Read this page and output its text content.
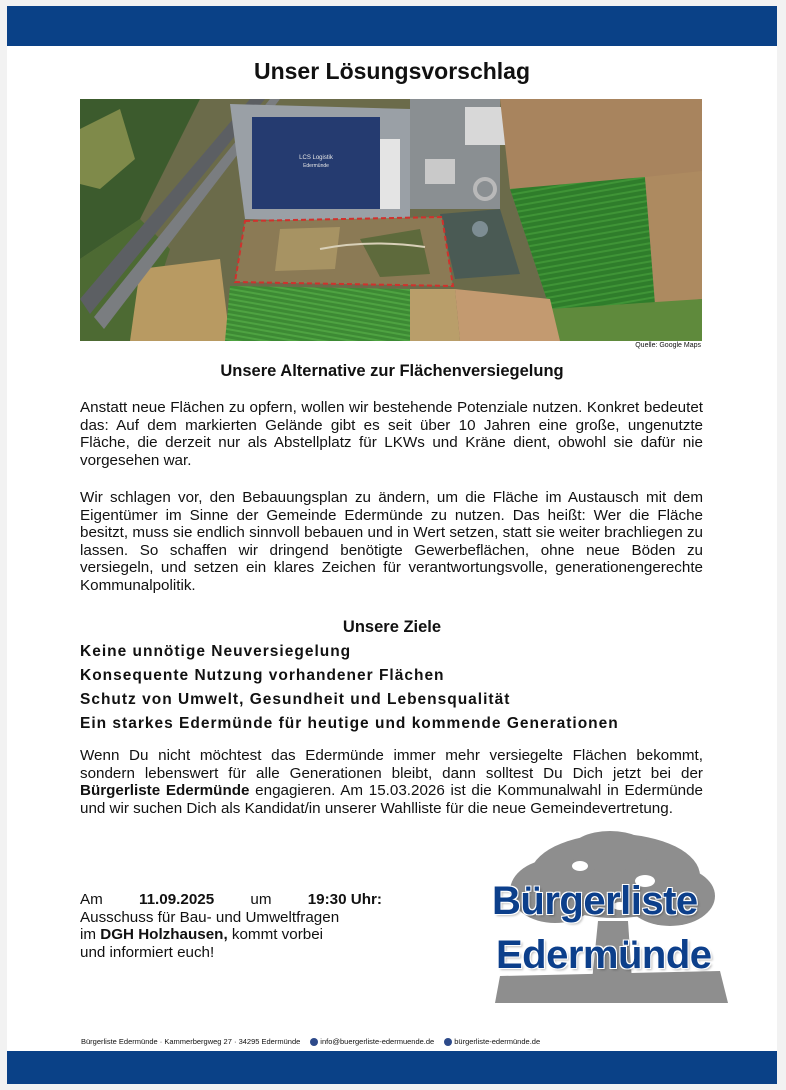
Unser Lösungsvorschlag
LCS Logistik
Edermünde
Quelle: Google Maps
Unsere Alternative zur Flächenversiegelung

Anstatt neue Flächen zu opfern, wollen wir bestehende Potenziale nutzen. Konkret bedeutet das: Auf dem markierten Gelände gibt es seit über 10 Jahren eine große, ungenutzte Fläche, die derzeit nur als Abstellplatz für LKWs und Kräne dient, obwohl sie dafür nie vorgesehen war.

Wir schlagen vor, den Bebauungsplan zu ändern, um die Fläche im Austausch mit dem Eigentümer im Sinne der Gemeinde Edermünde zu nutzen. Das heißt: Wer die Fläche besitzt, muss sie endlich sinnvoll bebauen und in Wert setzen, statt sie weiter brachliegen zu lassen. So schaffen wir dringend benötigte Gewerbeflächen, ohne neue Böden zu versiegeln, und setzen ein klares Zeichen für verantwortungsvolle, generationengerechte Kommunalpolitik.

Unsere Ziele
Keine unnötige Neuversiegelung
Konsequente Nutzung vorhandener Flächen
Schutz von Umwelt, Gesundheit und Lebensqualität
Ein starkes Edermünde für heutige und kommende Generationen

Wenn Du nicht möchtest das Edermünde immer mehr versiegelte Flächen bekommt, sondern lebenswert für alle Generationen bleibt, dann solltest Du Dich jetzt bei der Bürgerliste Edermünde engagieren. Am 15.03.2026 ist die Kommunalwahl in Edermünde und wir suchen Dich als Kandidat/in unserer Wahlliste für die neue Gemeindevertretung.

Am 11.09.2025 um 19:30 Uhr:
Ausschuss für Bau- und Umweltfragen
im DGH Holzhausen, kommt vorbei
und informiert euch!
Bürgerliste
Edermünde
Bürgerliste Edermünde · Kammerbergweg 27 · 34295 Edermünde	info@buergerliste-edermuende.de	bürgerliste-edermünde.de
